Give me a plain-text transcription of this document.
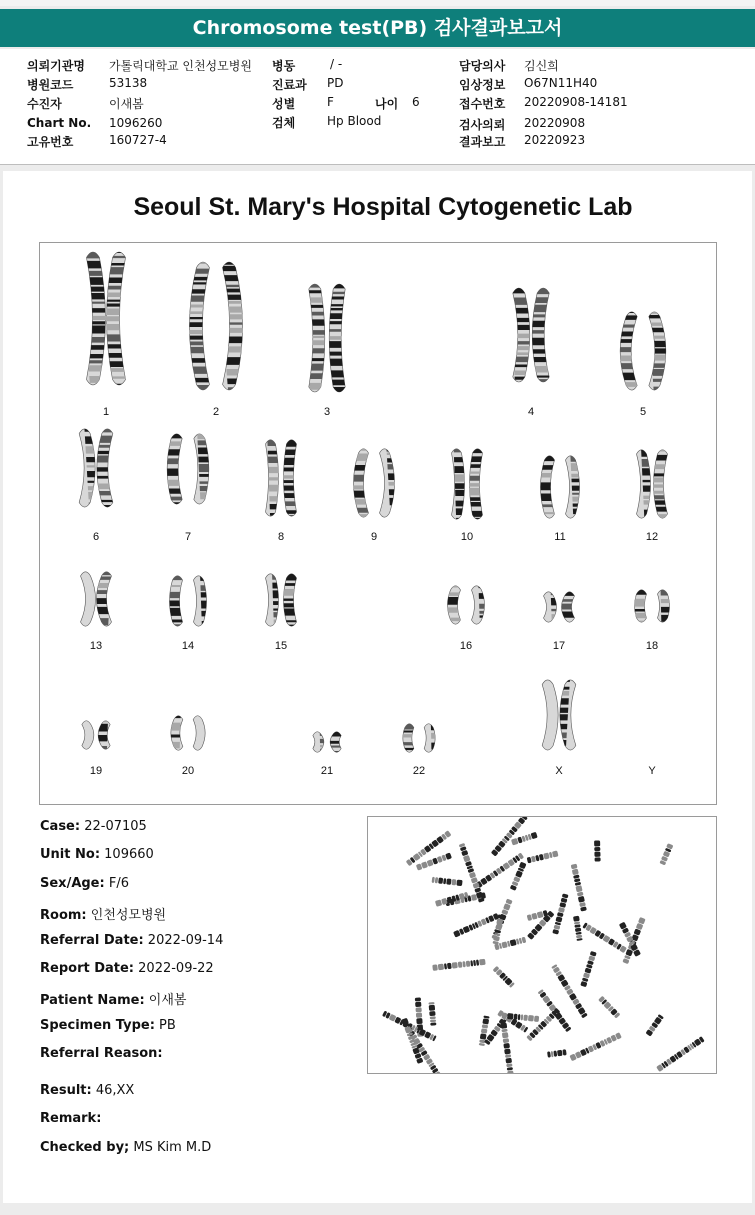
Chromosome test(PB) 검사결과보고서
의뢰기관명 가톨릭대학교 인천성모병원
병원코드	53138
수진자	이새봄
Chart No. 1096260
고유번호	160727-4
병동	/ -
진료과 PD
성별	F	나이 6
검체	Hp Blood
담당의사 김신희
임상정보 O67N11H40
접수번호 20220908-14181
검사의뢰 20220908
결과보고 20220923
Seoul St. Mary's Hospital Cytogenetic Lab
1	2	3	4	5
6	7	8	9	10	11	12
13	14	15	16	17	18
19	20	21	22	X	Y
Case: 22-07105
Unit No: 109660
Sex/Age: F/6
Room: 인천성모병원
Referral Date: 2022-09-14
Report Date: 2022-09-22
Patient Name: 이새봄
Specimen Type: PB
Referral Reason:
Result: 46,XX
Remark:
Checked by; MS Kim M.D
